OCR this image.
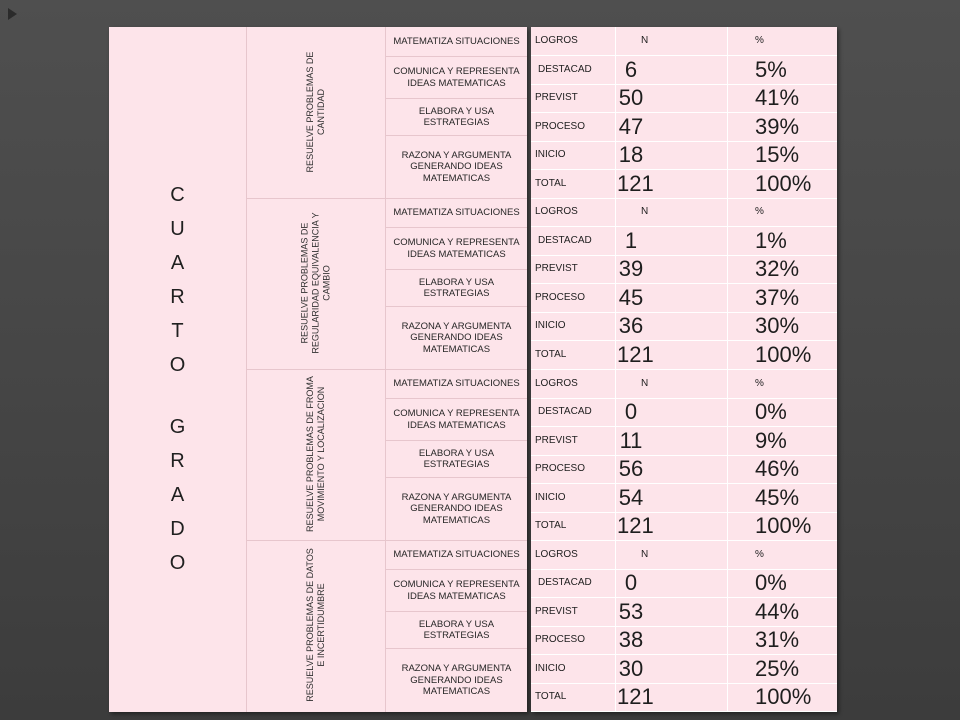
C
U
A
R
T
O
G
R
A
D
O
RESUELVE PROBLEMAS DE CANTIDAD
MATEMATIZA SITUACIONES
COMUNICA Y REPRESENTA IDEAS MATEMATICAS
ELABORA Y USA ESTRATEGIAS
RAZONA Y ARGUMENTA GENERANDO IDEAS MATEMATICAS
RESUELVE PROBLEMAS DE REGULARIDAD EQUIVALENCIA Y CAMBIO
MATEMATIZA SITUACIONES
COMUNICA Y REPRESENTA IDEAS MATEMATICAS
ELABORA Y USA ESTRATEGIAS
RAZONA Y ARGUMENTA GENERANDO IDEAS MATEMATICAS
RESUELVE PROBLEMAS DE FROMA MOVIMIENTO Y LOCALIZACION
MATEMATIZA SITUACIONES
COMUNICA Y REPRESENTA IDEAS MATEMATICAS
ELABORA Y USA ESTRATEGIAS
RAZONA Y ARGUMENTA GENERANDO IDEAS MATEMATICAS
RESUELVE PROBLEMAS DE DATOS E INCERTIDUMBRE
MATEMATIZA SITUACIONES
COMUNICA Y REPRESENTA IDEAS MATEMATICAS
ELABORA Y USA ESTRATEGIAS
RAZONA Y ARGUMENTA GENERANDO IDEAS MATEMATICAS
LOGROS	N	%
DESTACAD	6	5%
PREVIST 50	41%
PROCESO 47	39%
INICIO 18	15%
TOTAL 121	100%
LOGROS	N	%
DESTACAD	1	1%
PREVIST 39	32%
PROCESO 45	37%
INICIO 36	30%
TOTAL 121	100%
LOGROS	N	%
DESTACAD	0	0%
PREVIST 11	9%
PROCESO 56	46%
INICIO 54	45%
TOTAL 121	100%
LOGROS	N	%
DESTACAD	0	0%
PREVIST 53	44%
PROCESO 38	31%
INICIO 30	25%
TOTAL 121	100%
